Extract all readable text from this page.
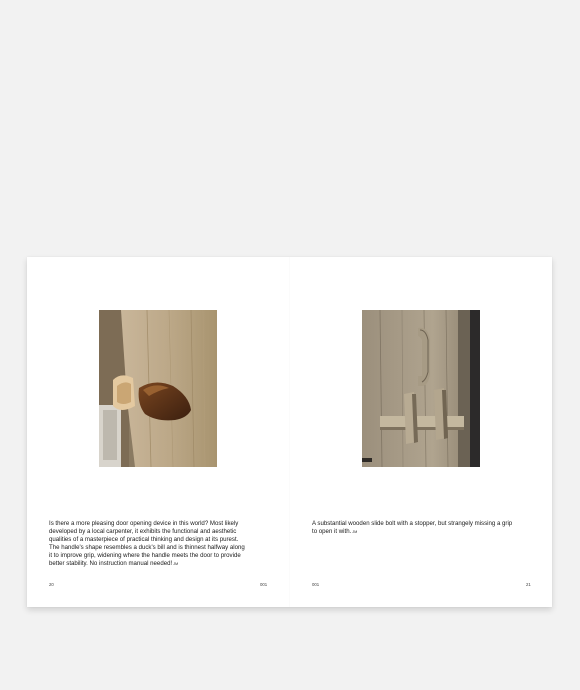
Is there a more pleasing door opening device in this world? Most likely
developed by a local carpenter, it exhibits the functional and aesthetic
qualities of a masterpiece of practical thinking and design at its purest.
The handle's shape resembles a duck's bill and is thinnest halfway along
it to improve grip, widening where the handle meets the door to provide
better stability. No instruction manual needed!JM
A substantial wooden slide bolt with a stopper, but strangely missing a grip
to open it with.JM
20	001	001	21
